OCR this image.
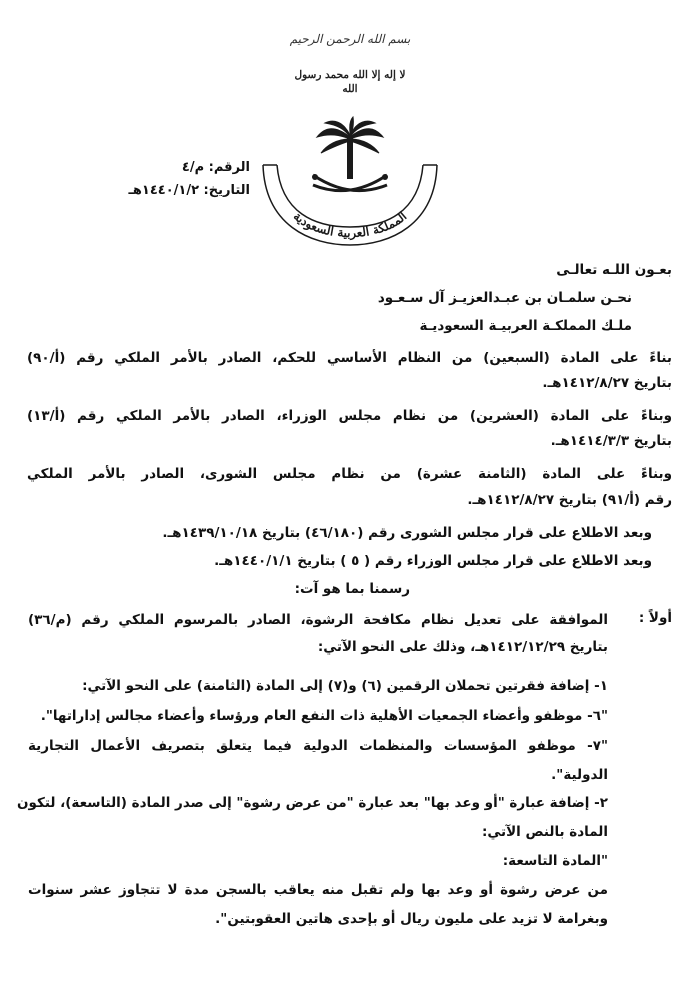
بسم الله الرحمن الرحيم
لا إله إلا الله محمد رسول الله
المملكة العربية السعودية
الرقم: م/٤
التاريخ: ١٤٤٠/١/٢هـ
بعـون اللـه تعالـى
نحـن سلمـان بن عبـدالعزيـز آل سـعـود
ملـك المملكـة العربيـة السعوديـة
بناءً على المادة (السبعين) من النظام الأساسي للحكم، الصادر بالأمر الملكي رقم (أ/٩٠)
بتاريخ ١٤١٢/٨/٢٧هـ.
وبناءً على المادة (العشرين) من نظام مجلس الوزراء، الصادر بالأمر الملكي رقم (أ/١٣)
بتاريخ ١٤١٤/٣/٣هـ.
وبناءً على المادة (الثامنة عشرة) من نظام مجلس الشورى، الصادر بالأمر الملكي
رقم (أ/٩١) بتاريخ ١٤١٢/٨/٢٧هـ.
وبعد الاطلاع على قرار مجلس الشورى رقم (٤٦/١٨٠) بتاريخ ١٤٣٩/١٠/١٨هـ.
وبعد الاطلاع على قرار مجلس الوزراء رقم ( ٥ ) بتاريخ ١٤٤٠/١/١هـ.
رسمنا بما هو آت:
أولاً :
الموافقة على تعديل نظام مكافحة الرشوة، الصادر بالمرسوم الملكي رقم (م/٣٦)
بتاريخ ١٤١٢/١٢/٢٩هـ، وذلك على النحو الآتي:
١- إضافة فقرتين تحملان الرقمين (٦) و(٧) إلى المادة (الثامنة) على النحو الآتي:
"٦- موظفو وأعضاء الجمعيات الأهلية ذات النفع العام ورؤساء وأعضاء مجالس إداراتها".
"٧- موظفو المؤسسات والمنظمات الدولية فيما يتعلق بتصريف الأعمال التجارية
الدولية".
٢- إضافة عبارة "أو وعد بها" بعد عبارة "من عرض رشوة" إلى صدر المادة (التاسعة)، لتكون
المادة بالنص الآتي:
"المادة التاسعة:
من عرض رشوة أو وعد بها ولم تقبل منه يعاقب بالسجن مدة لا تتجاوز عشر سنوات
وبغرامة لا تزيد على مليون ريال أو بإحدى هاتين العقوبتين".
